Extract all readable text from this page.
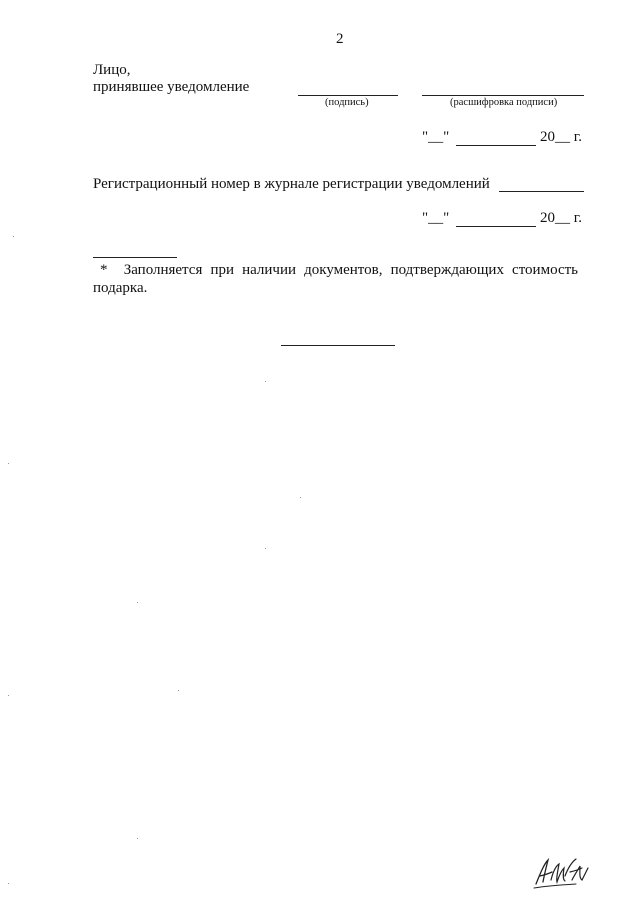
2
Лицо,
принявшее уведомление
(подпись)	(расшифровка подписи)
"__"	20__ г.
Регистрационный номер в журнале регистрации уведомлений
"__"	20__ г.
* Заполняется при наличии документов, подтверждающих стоимость
подарка.
